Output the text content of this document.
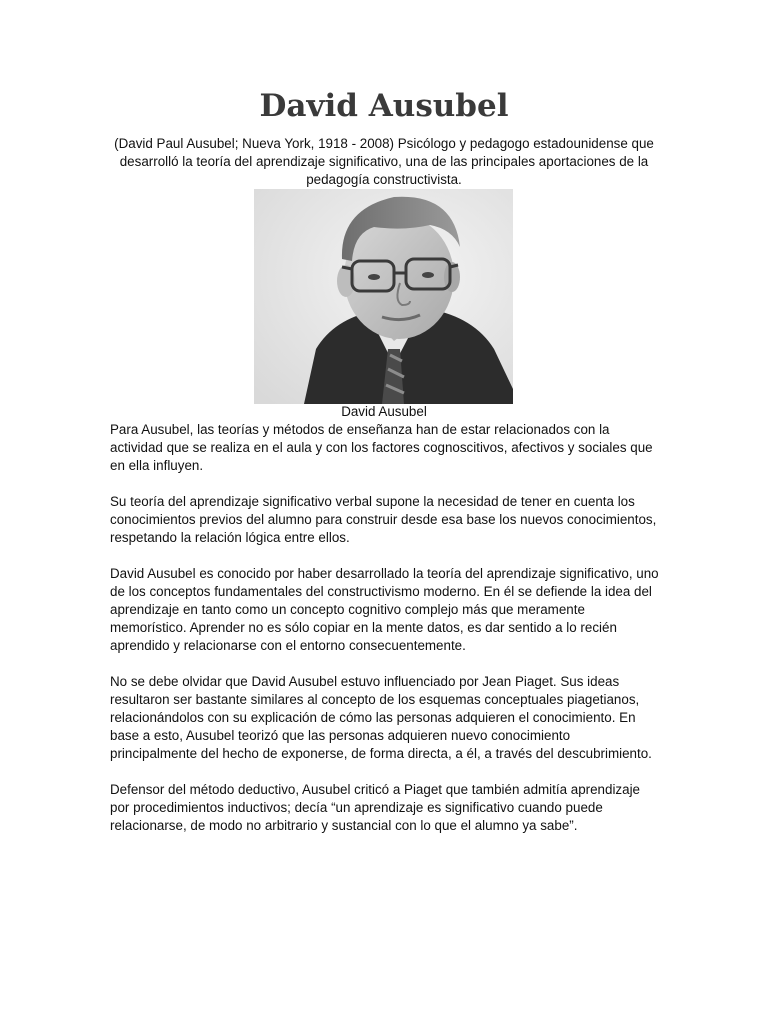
David Ausubel

(David Paul Ausubel; Nueva York, 1918 - 2008) Psicólogo y pedagogo estadounidense que desarrolló la teoría del aprendizaje significativo, una de las principales aportaciones de la pedagogía constructivista.

David Ausubel

Para Ausubel, las teorías y métodos de enseñanza han de estar relacionados con la actividad que se realiza en el aula y con los factores cognoscitivos, afectivos y sociales que en ella influyen.

Su teoría del aprendizaje significativo verbal supone la necesidad de tener en cuenta los conocimientos previos del alumno para construir desde esa base los nuevos conocimientos, respetando la relación lógica entre ellos.

David Ausubel es conocido por haber desarrollado la teoría del aprendizaje significativo, uno de los conceptos fundamentales del constructivismo moderno. En él se defiende la idea del aprendizaje en tanto como un concepto cognitivo complejo más que meramente memorístico. Aprender no es sólo copiar en la mente datos, es dar sentido a lo recién aprendido y relacionarse con el entorno consecuentemente.

No se debe olvidar que David Ausubel estuvo influenciado por Jean Piaget. Sus ideas resultaron ser bastante similares al concepto de los esquemas conceptuales piagetianos, relacionándolos con su explicación de cómo las personas adquieren el conocimiento. En base a esto, Ausubel teorizó que las personas adquieren nuevo conocimiento principalmente del hecho de exponerse, de forma directa, a él, a través del descubrimiento.

Defensor del método deductivo, Ausubel criticó a Piaget que también admitía aprendizaje por procedimientos inductivos; decía “un aprendizaje es significativo cuando puede relacionarse, de modo no arbitrario y sustancial con lo que el alumno ya sabe”.
